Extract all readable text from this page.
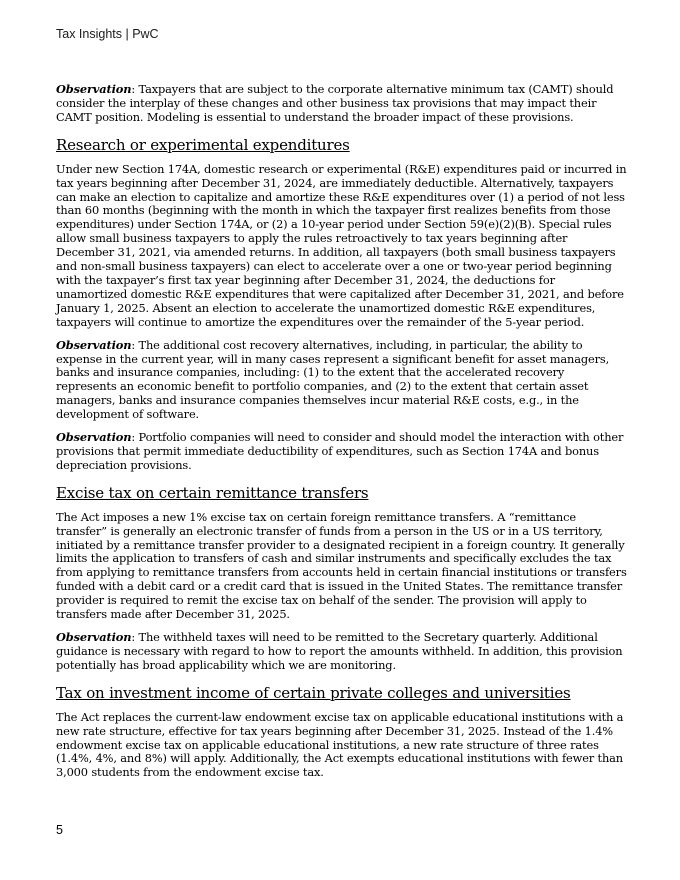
Tax Insights | PwC

Observation: Taxpayers that are subject to the corporate alternative minimum tax (CAMT) should consider the interplay of these changes and other business tax provisions that may impact their CAMT position. Modeling is essential to understand the broader impact of these provisions.

Research or experimental expenditures

Under new Section 174A, domestic research or experimental (R&E) expenditures paid or incurred in tax years beginning after December 31, 2024, are immediately deductible. Alternatively, taxpayers can make an election to capitalize and amortize these R&E expenditures over (1) a period of not less than 60 months (beginning with the month in which the taxpayer first realizes benefits from those expenditures) under Section 174A, or (2) a 10-year period under Section 59(e)(2)(B). Special rules allow small business taxpayers to apply the rules retroactively to tax years beginning after December 31, 2021, via amended returns. In addition, all taxpayers (both small business taxpayers and non-small business taxpayers) can elect to accelerate over a one or two-year period beginning with the taxpayer’s first tax year beginning after December 31, 2024, the deductions for unamortized domestic R&E expenditures that were capitalized after December 31, 2021, and before January 1, 2025. Absent an election to accelerate the unamortized domestic R&E expenditures, taxpayers will continue to amortize the expenditures over the remainder of the 5-year period.

Observation: The additional cost recovery alternatives, including, in particular, the ability to expense in the current year, will in many cases represent a significant benefit for asset managers, banks and insurance companies, including: (1) to the extent that the accelerated recovery represents an economic benefit to portfolio companies, and (2) to the extent that certain asset managers, banks and insurance companies themselves incur material R&E costs, e.g., in the development of software.

Observation: Portfolio companies will need to consider and should model the interaction with other provisions that permit immediate deductibility of expenditures, such as Section 174A and bonus depreciation provisions.

Excise tax on certain remittance transfers

The Act imposes a new 1% excise tax on certain foreign remittance transfers. A “remittance transfer” is generally an electronic transfer of funds from a person in the US or in a US territory, initiated by a remittance transfer provider to a designated recipient in a foreign country. It generally limits the application to transfers of cash and similar instruments and specifically excludes the tax from applying to remittance transfers from accounts held in certain financial institutions or transfers funded with a debit card or a credit card that is issued in the United States. The remittance transfer provider is required to remit the excise tax on behalf of the sender. The provision will apply to transfers made after December 31, 2025.

Observation: The withheld taxes will need to be remitted to the Secretary quarterly. Additional guidance is necessary with regard to how to report the amounts withheld. In addition, this provision potentially has broad applicability which we are monitoring.

Tax on investment income of certain private colleges and universities

The Act replaces the current-law endowment excise tax on applicable educational institutions with a new rate structure, effective for tax years beginning after December 31, 2025. Instead of the 1.4% endowment excise tax on applicable educational institutions, a new rate structure of three rates (1.4%, 4%, and 8%) will apply. Additionally, the Act exempts educational institutions with fewer than 3,000 students from the endowment excise tax.

5
